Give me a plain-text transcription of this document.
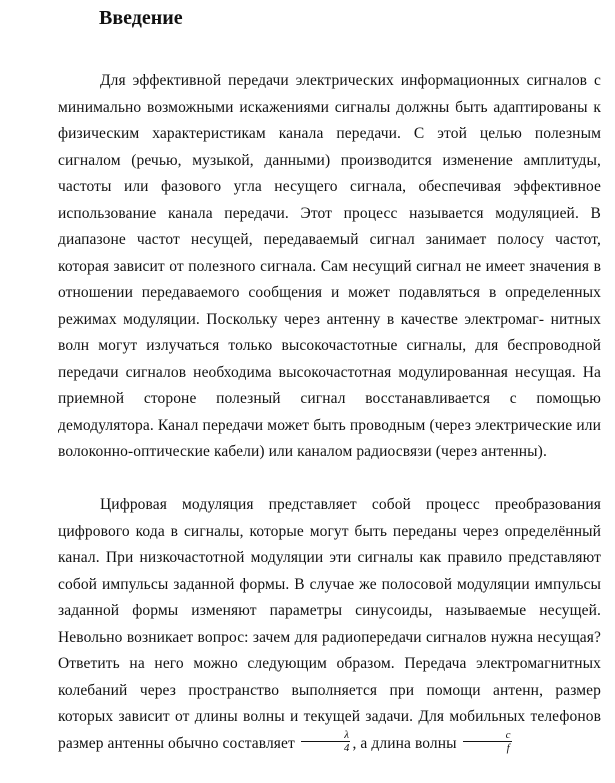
Введение

Для эффективной передачи электрических информационных сигналов с минимально возможными искажениями сигналы должны быть адаптированы к физическим характеристикам канала передачи. С этой целью полезным сигналом (речью, музыкой, данными) производится изменение амплитуды, частоты или фазового угла несущего сигнала, обеспечивая эффективное использование канала передачи. Этот процесс называется модуляцией. В диапазоне частот несущей, передаваемый сигнал занимает полосу частот, которая зависит от полезного сигнала. Сам несущий сигнал не имеет значения в отношении передаваемого сообщения и может подавляться в определенных режимах модуляции. Поскольку через антенну в качестве электромаг- нитных волн могут излучаться только высокочастотные сигналы, для беспроводной передачи сигналов необходима высокочастотная модулированная несущая. На приемной стороне полезный сигнал восстанавливается с помощью демодулятора. Канал передачи может быть проводным (через электрические или волоконно-оптические кабели) или каналом радиосвязи (через антенны).

Цифровая модуляция представляет собой процесс преобразования цифрового кода в сигналы, которые могут быть переданы через определённый канал. При низкочастотной модуляции эти сигналы как правило представляют собой импульсы заданной формы. В случае же полосовой модуляции импульсы заданной формы изменяют параметры синусоиды, называемые несущей. Невольно возникает вопрос: зачем для радиопередачи сигналов нужна несущая? Ответить на него можно следующим образом. Передача электромагнитных колебаний через пространство выполняется при помощи антенн, размер которых зависит от длины волны и текущей задачи. Для мобильных телефонов размер антенны обычно составляет $\frac{\lambda}{4}$ , а длина волны $\frac{c}{f}$
